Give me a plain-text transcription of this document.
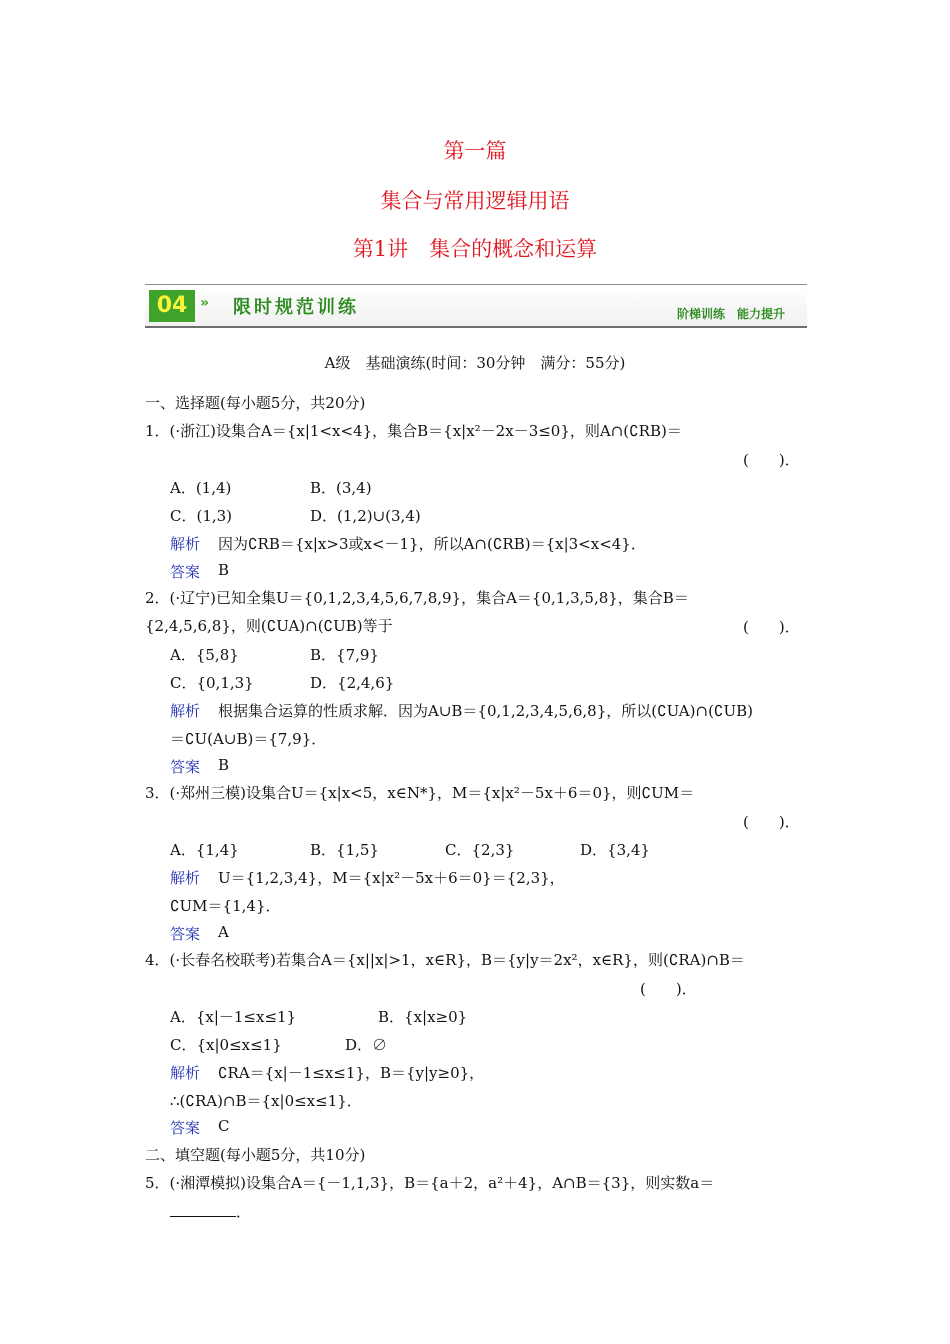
第一篇
集合与常用逻辑用语
第1讲　集合的概念和运算
04 » 限时规范训练	阶梯训练　能力提升
A级　基础演练(时间：30分钟　满分：55分)
一、选择题(每小题5分，共20分)
1．(·浙江)设集合A＝{x|1<x<4}，集合B＝{x|x²－2x－3≤0}，则A∩(∁RB)＝
(　　)．
A．(1,4)	B．(3,4)
C．(1,3)	D．(1,2)∪(3,4)
解析 因为∁RB＝{x|x>3或x<－1}，所以A∩(∁RB)＝{x|3<x<4}．
答案 B
2．(·辽宁)已知全集U＝{0,1,2,3,4,5,6,7,8,9}，集合A＝{0,1,3,5,8}，集合B＝
{2,4,5,6,8}，则(∁UA)∩(∁UB)等于	(　　)．
A．{5,8}	B．{7,9}
C．{0,1,3}	D．{2,4,6}
解析 根据集合运算的性质求解．因为A∪B＝{0,1,2,3,4,5,6,8}，所以(∁UA)∩(∁UB)
＝∁U(A∪B)＝{7,9}．
答案 B
3．(·郑州三模)设集合U＝{x|x<5，x∈N*}，M＝{x|x²－5x＋6＝0}，则∁UM＝
(　　)．
A．{1,4}	B．{1,5}	C．{2,3}	D．{3,4}
解析 U＝{1,2,3,4}，M＝{x|x²－5x＋6＝0}＝{2,3}，
∁UM＝{1,4}．
答案 A
4．(·长春名校联考)若集合A＝{x||x|>1，x∈R}，B＝{y|y＝2x²，x∈R}，则(∁RA)∩B＝
(　　)．
A．{x|－1≤x≤1}	B．{x|x≥0}
C．{x|0≤x≤1}	D．∅
解析 ∁RA＝{x|－1≤x≤1}，B＝{y|y≥0}，
∴(∁RA)∩B＝{x|0≤x≤1}．
答案 C
二、填空题(每小题5分，共10分)
5．(·湘潭模拟)设集合A＝{－1,1,3}，B＝{a＋2，a²＋4}，A∩B＝{3}，则实数a＝
．
